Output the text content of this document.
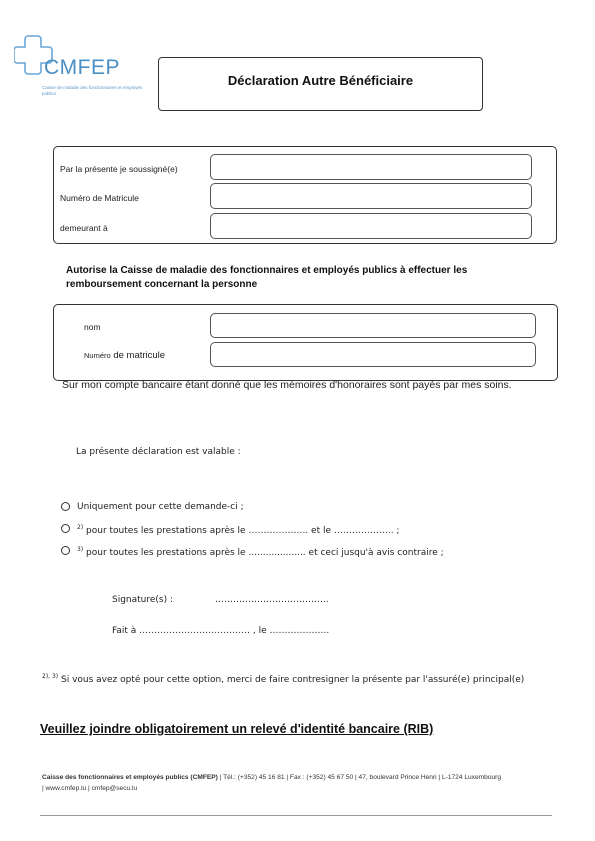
CMFEP
Caisse de maladie des fonctionnaires et employés publics
Déclaration Autre Bénéficiaire
Par la présente je soussigné(e)
Numéro de Matricule
demeurant à
Autorise la Caisse de maladie des fonctionnaires et employés publics à effectuer les remboursement concernant la personne
nom
Numéro de matricule
Sur mon compte bancaire étant donné que les mémoires d'honoraires sont payés par mes soins.
La présente déclaration est valable :
Uniquement pour cette demande-ci ;
$^{2)}$ pour toutes les prestations après le ……………….. et le ……………….. ;
$^{3)}$ pour toutes les prestations après le .................... et ceci jusqu'à avis contraire ;
Signature(s) :	………………………………..
Fait à ………………………………. , le ………………..
$^{2), 3)}$ Si vous avez opté pour cette option, merci de faire contresigner la présente par l'assuré(e) principal(e)
Veuillez joindre obligatoirement un relevé d'identité bancaire (RIB)
Caisse des fonctionnaires et employés publics (CMFEP) | Tél.: (+352) 45 16 81 | Fax : (+352) 45 67 50 | 47, boulevard Prince Henri | L-1724 Luxembourg
| www.cmfep.lu | cmfep@secu.lu
